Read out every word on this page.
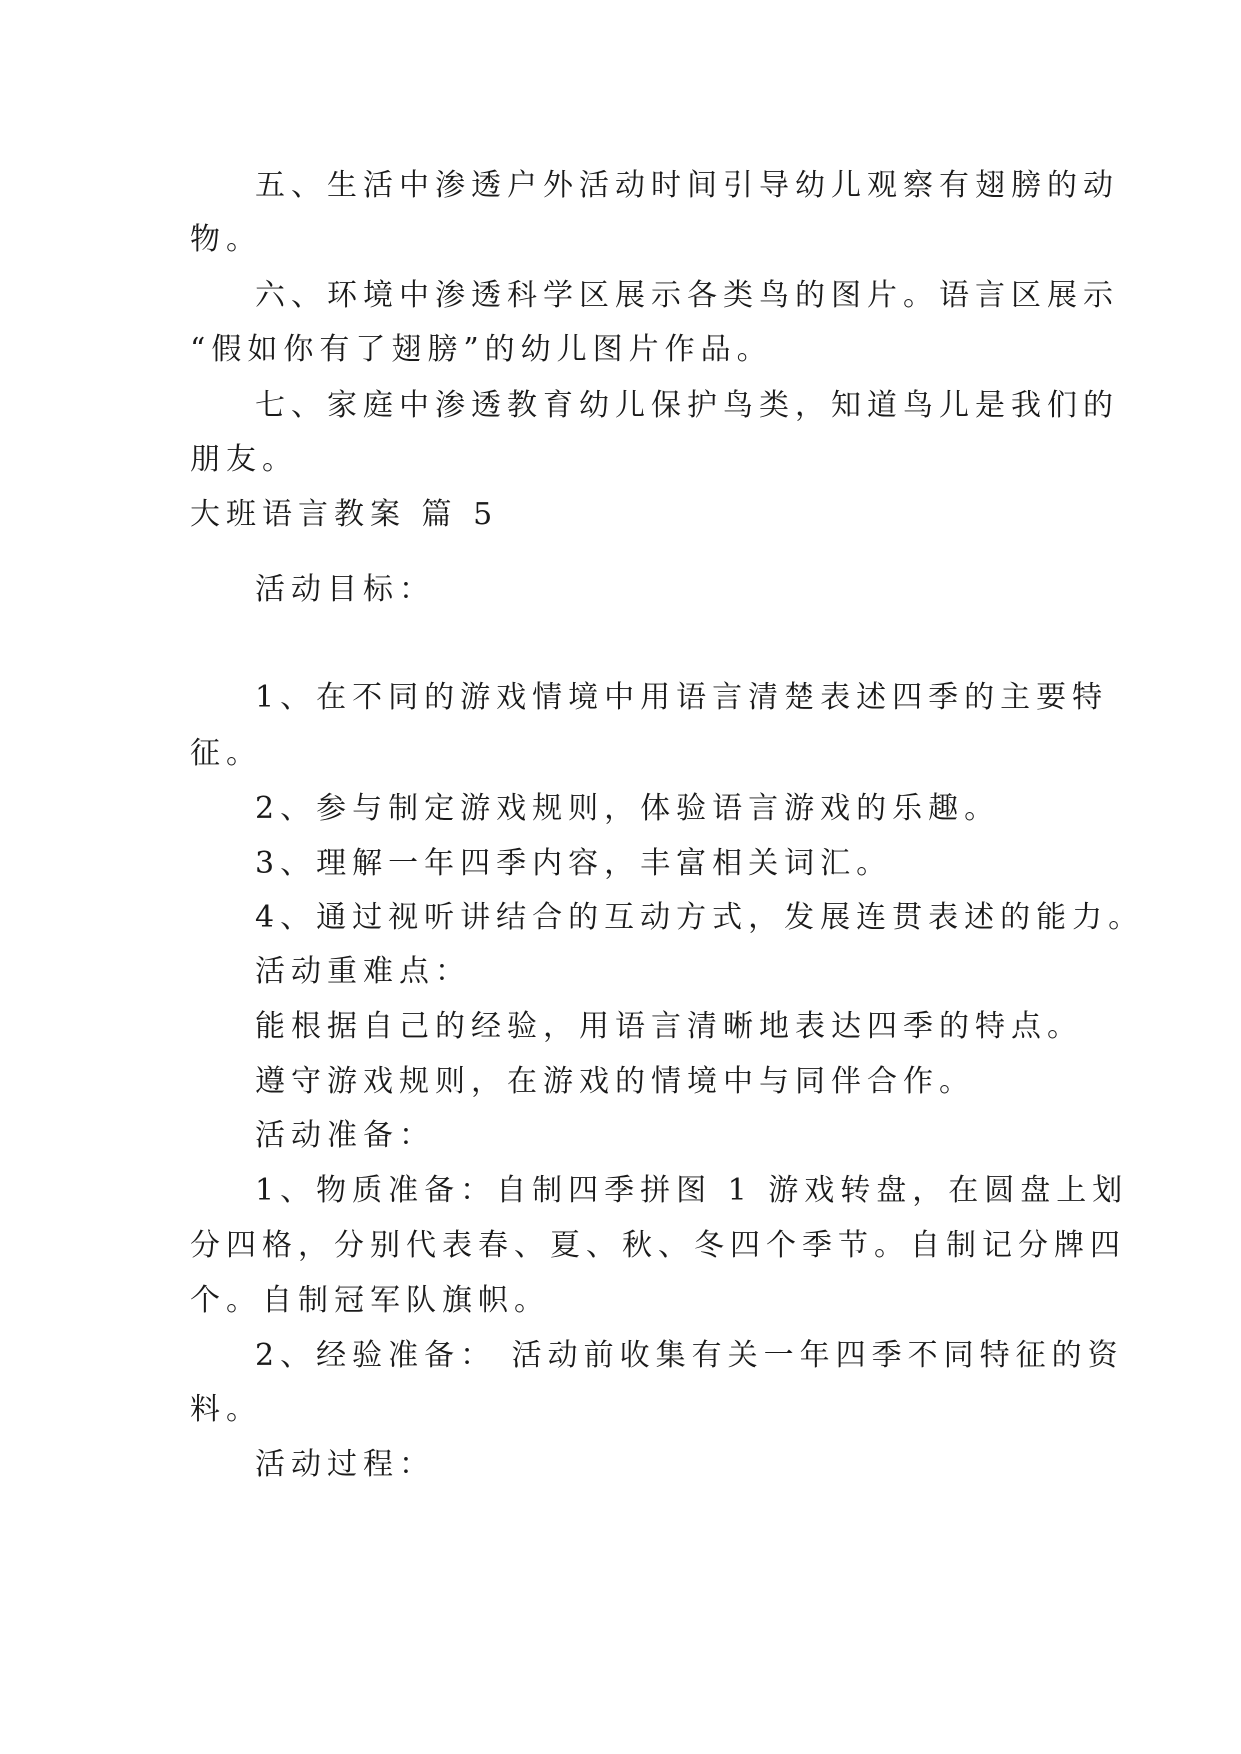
五、生活中渗透户外活动时间引导幼儿观察有翅膀的动
物。
六、环境中渗透科学区展示各类鸟的图片。语言区展示
“假如你有了翅膀”的幼儿图片作品。
七、家庭中渗透教育幼儿保护鸟类，知道鸟儿是我们的
朋友。
大班语言教案 篇 5
活动目标：
1、在不同的游戏情境中用语言清楚表述四季的主要特
征。
2、参与制定游戏规则，体验语言游戏的乐趣。
3、理解一年四季内容，丰富相关词汇。
4、通过视听讲结合的互动方式，发展连贯表述的能力。
活动重难点：
能根据自己的经验，用语言清晰地表达四季的特点。
遵守游戏规则，在游戏的情境中与同伴合作。
活动准备：
1、物质准备：自制四季拼图 1 游戏转盘，在圆盘上划
分四格，分别代表春、夏、秋、冬四个季节。自制记分牌四
个。自制冠军队旗帜。
2、经验准备： 活动前收集有关一年四季不同特征的资
料。
活动过程：
